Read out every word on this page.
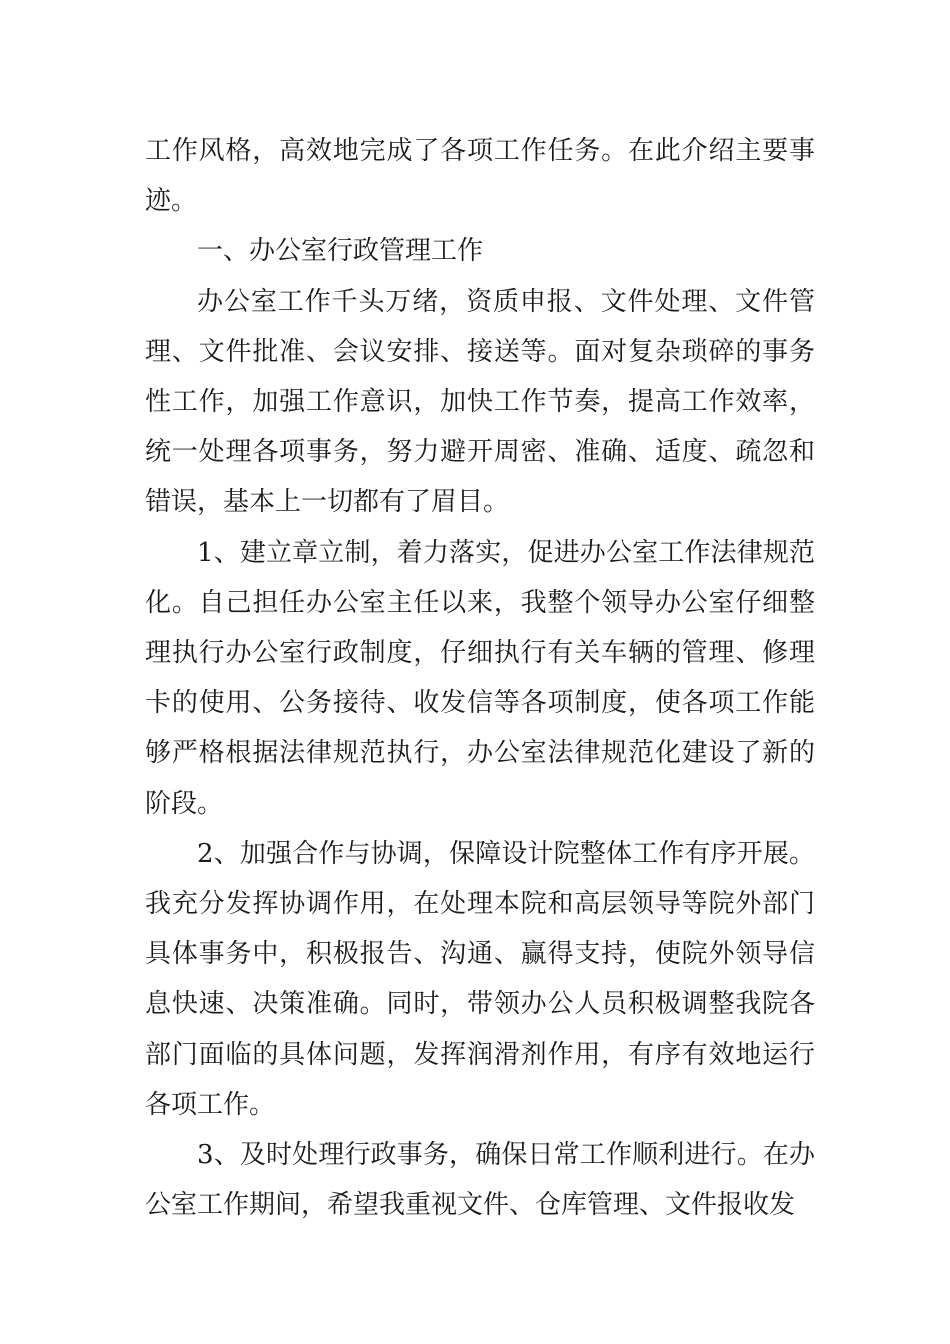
工作风格，高效地完成了各项工作任务。在此介绍主要事迹。

一、办公室行政管理工作

办公室工作千头万绪，资质申报、文件处理、文件管理、文件批准、会议安排、接送等。面对复杂琐碎的事务性工作，加强工作意识，加快工作节奏，提高工作效率，统一处理各项事务，努力避开周密、准确、适度、疏忽和错误，基本上一切都有了眉目。

1、建立章立制，着力落实，促进办公室工作法律规范化。自己担任办公室主任以来，我整个领导办公室仔细整理执行办公室行政制度，仔细执行有关车辆的管理、修理卡的使用、公务接待、收发信等各项制度，使各项工作能够严格根据法律规范执行，办公室法律规范化建设了新的阶段。

2、加强合作与协调，保障设计院整体工作有序开展。我充分发挥协调作用，在处理本院和高层领导等院外部门具体事务中，积极报告、沟通、赢得支持，使院外领导信息快速、决策准确。同时，带领办公人员积极调整我院各部门面临的具体问题，发挥润滑剂作用，有序有效地运行各项工作。

3、及时处理行政事务，确保日常工作顺利进行。在办公室工作期间，希望我重视文件、仓库管理、文件报收发
